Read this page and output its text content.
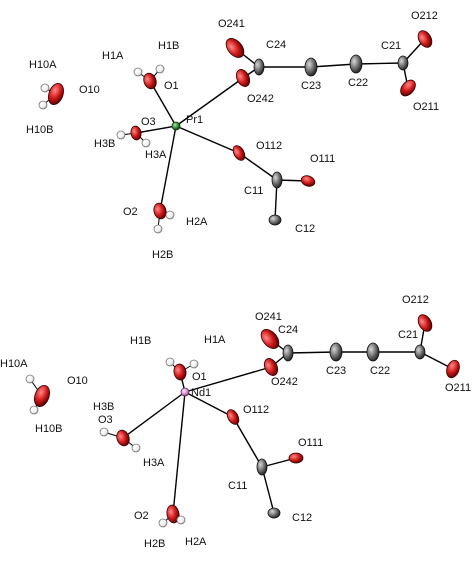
Pr1
O1
O2
O3
O10
O111
O112
O211
O212
O241
O242
C11
C12
C21
C22
C23
C24
H1A
H1B
H2A
H2B
H3A
H3B
H10A
H10B
Nd1
O1
O2
O3
O10
O111
O112
O211
O212
O241
O242
C11
C12
C21
C22
C23
C24
H1A
H1B
H2A
H2B
H3A
H3B
H10A
H10B
